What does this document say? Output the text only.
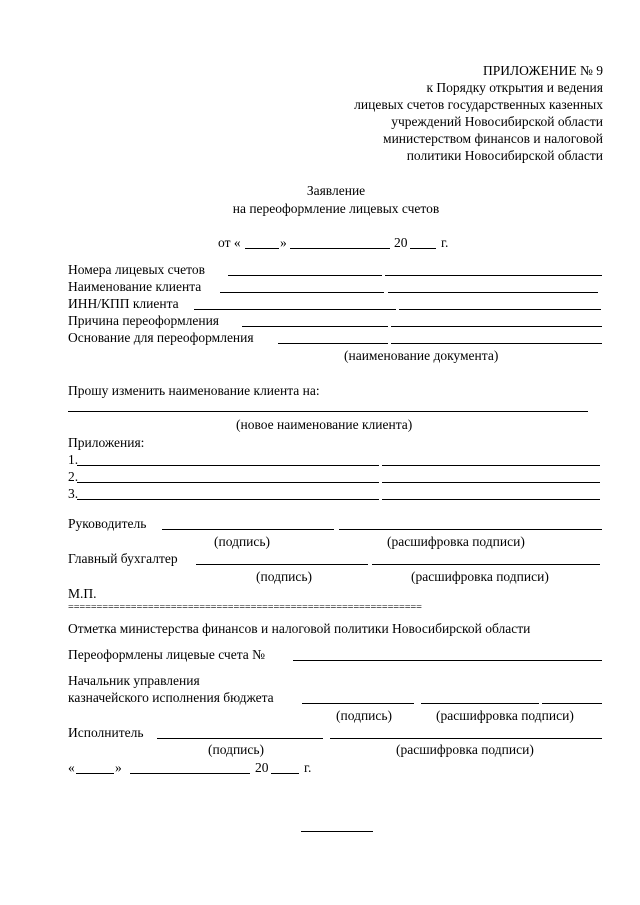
ПРИЛОЖЕНИЕ № 9
к Порядку открытия и ведения
лицевых счетов государственных казенных
учреждений Новосибирской области
министерством финансов и налоговой
политики Новосибирской области
Заявление
на переоформление лицевых счетов
от «	»	20 г.
Номера лицевых счетов
Наименование клиента
ИНН/КПП клиента
Причина переоформления
Основание для переоформления
(наименование документа)
Прошу изменить наименование клиента на:
(новое наименование клиента)
Приложения:
1.
2.
3.
Руководитель
(подпись)	(расшифровка подписи)
Главный бухгалтер
(подпись)	(расшифровка подписи)
М.П.
==============================================================
Отметка министерства финансов и налоговой политики Новосибирской области
Переоформлены лицевые счета №
Начальник управления
казначейского исполнения бюджета
(подпись)	(расшифровка подписи)
Исполнитель
(подпись)	(расшифровка подписи)
«	»	20	г.
